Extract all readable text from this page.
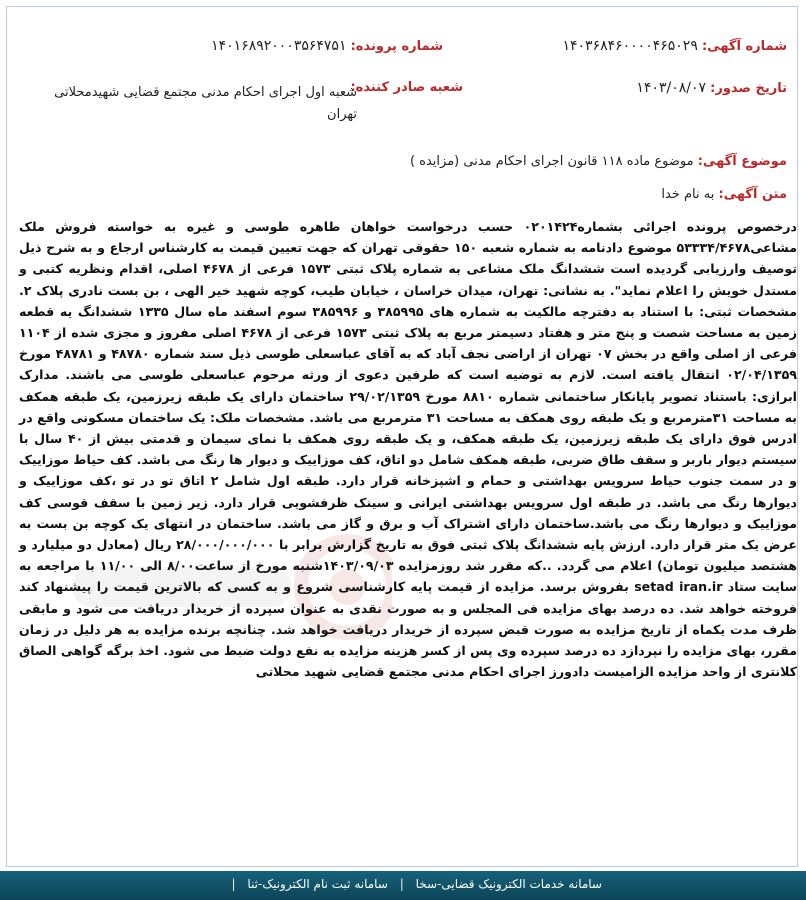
شماره آگهی: ۱۴۰۳۶۸۴۶۰۰۰۰۴۶۵۰۲۹
شماره پرونده: ۱۴۰۱۶۸۹۲۰۰۰۳۵۶۴۷۵۱
تاریخ صدور: ۱۴۰۳/۰۸/۰۷
شعبه صادر کننده:
شعبه اول اجرای احکام مدنی مجتمع قضایی شهیدمحلاتی تهران
موضوع آگهی: موضوع ماده ۱۱۸ قانون اجرای احکام مدنی (مزایده )
متن آگهی: به نام خدا
درخصوص پرونده اجرائی بشماره۰۲۰۱۴۲۴ حسب درخواست خواهان طاهره طوسی و غیره به خواسته فروش ملک مشاعی۵۳۳۳۴/۴۶۷۸ موضوع دادنامه به شماره شعبه ۱۵۰ حقوقی تهران که جهت تعیین قیمت به کارشناس ارجاع و به شرح ذیل توصیف وارزیابی گردیده است ششدانگ ملک مشاعی به شماره پلاک ثبتی ۱۵۷۳ فرعی از ۴۶۷۸ اصلی، اقدام ونظریه کتبی و مستدل خویش را اعلام نماید". به نشانی: تهران، میدان خراسان ، خیابان طیب، کوچه شهید خیر الهی ، بن بست نادری پلاک ۲. مشخصات ثبتی: با استناد به دفترچه مالکیت به شماره های ۳۸۵۹۹۵ و ۳۸۵۹۹۶ سوم اسفند ماه سال ۱۳۳۵ ششدانگ یه قطعه زمین به مساحت شصت و پنج متر و هفتاد دسیمتر مربع به پلاک ثبتی ۱۵۷۳ فرعی از ۴۶۷۸ اصلی مفروز و مجزی شده از ۱۱۰۴ فرعی از اصلی واقع در بخش ۰۷ تهران از اراضی نجف آباد که به آقای عباسعلی طوسی ذیل سند شماره ۴۸۷۸۰ و ۴۸۷۸۱ مورخ ۰۲/۰۴/۱۳۵۹ انتقال یافته است. لازم به توضیه است که طرفین دعوی از ورثه مرحوم عباسعلی طوسی می باشند. مدارک ابرازی: باستناد تصویر پایانکار ساختمانی شماره ۸۸۱۰ مورخ ۲۹/۰۲/۱۳۵۹ ساختمان دارای یک طبقه زیرزمین، یک طبقه همکف به مساحت ۳۱مترمربع و یک طبقه روی همکف به مساحت ۳۱ مترمربع می باشد. مشخصات ملک: یک ساختمان مسکونی واقع در ادرس فوق دارای یک طبقه زیرزمین، یک طبقه همکف، و یک طبقه روی همکف با نمای سیمان و قدمتی بیش از ۴۰ سال با سیستم دیوار باربر و سقف طاق ضربی، طبقه همکف شامل دو اتاق، کف موزاییک و دیوار ها رنگ می باشد. کف حیاط موزاییک و در سمت جنوب حیاط سرویس بهداشتی و حمام و اشپزخانه قرار دارد. طبقه اول شامل ۲ اتاق تو در تو ،کف موزاییک و دیوارها رنگ می باشد. در طبقه اول سرویس بهداشتی ایرانی و سینک ظرفشویی قرار دارد. زیر زمین با سقف قوسی کف موزاییک و دیوارها رنگ می باشد.ساختمان دارای اشتراک آب و برق و گاز می باشد. ساختمان در انتهای یک کوچه بن بست به عرض یک متر قرار دارد. ارزش پایه ششدانگ پلاک ثبتی فوق به تاریخ گزارش برابر با ۲۸/۰۰۰/۰۰۰/۰۰۰ ریال (معادل دو میلیارد و هشتصد میلیون تومان) اعلام می گردد. ..که مقرر شد روزمزایده ۱۴۰۳/۰۹/۰۳شنبه مورخ از ساعت۸/۰۰ الی ۱۱/۰۰ با مراجعه به سایت ستاد setad iran.ir بفروش برسد. مزایده از قیمت پایه کارشناسی شروع و به کسی که بالاترین قیمت را پیشنهاد کند فروخته خواهد شد. ده درصد بهای مزایده فی المجلس و به صورت نقدی به عنوان سپرده از خریدار دریافت می شود و مابقی ظرف مدت یکماه از تاریخ مزایده به صورت قبض سپرده از خریدار دریافت خواهد شد. چنانچه برنده مزایده به هر دلیل در زمان مقرر، بهای مزایده را نپردازد ده درصد سپرده وی پس از کسر هزینه مزایده به نفع دولت ضبط می شود. اخذ برگه گواهی الصاق کلانتری از واحد مزایده الزامیست دادورز اجرای احکام مدنی مجتمع قضایی شهید محلاتی
سامانه خدمات الکترونیک قضایی-سخا | سامانه ثبت نام الکترونیک-ثنا |
